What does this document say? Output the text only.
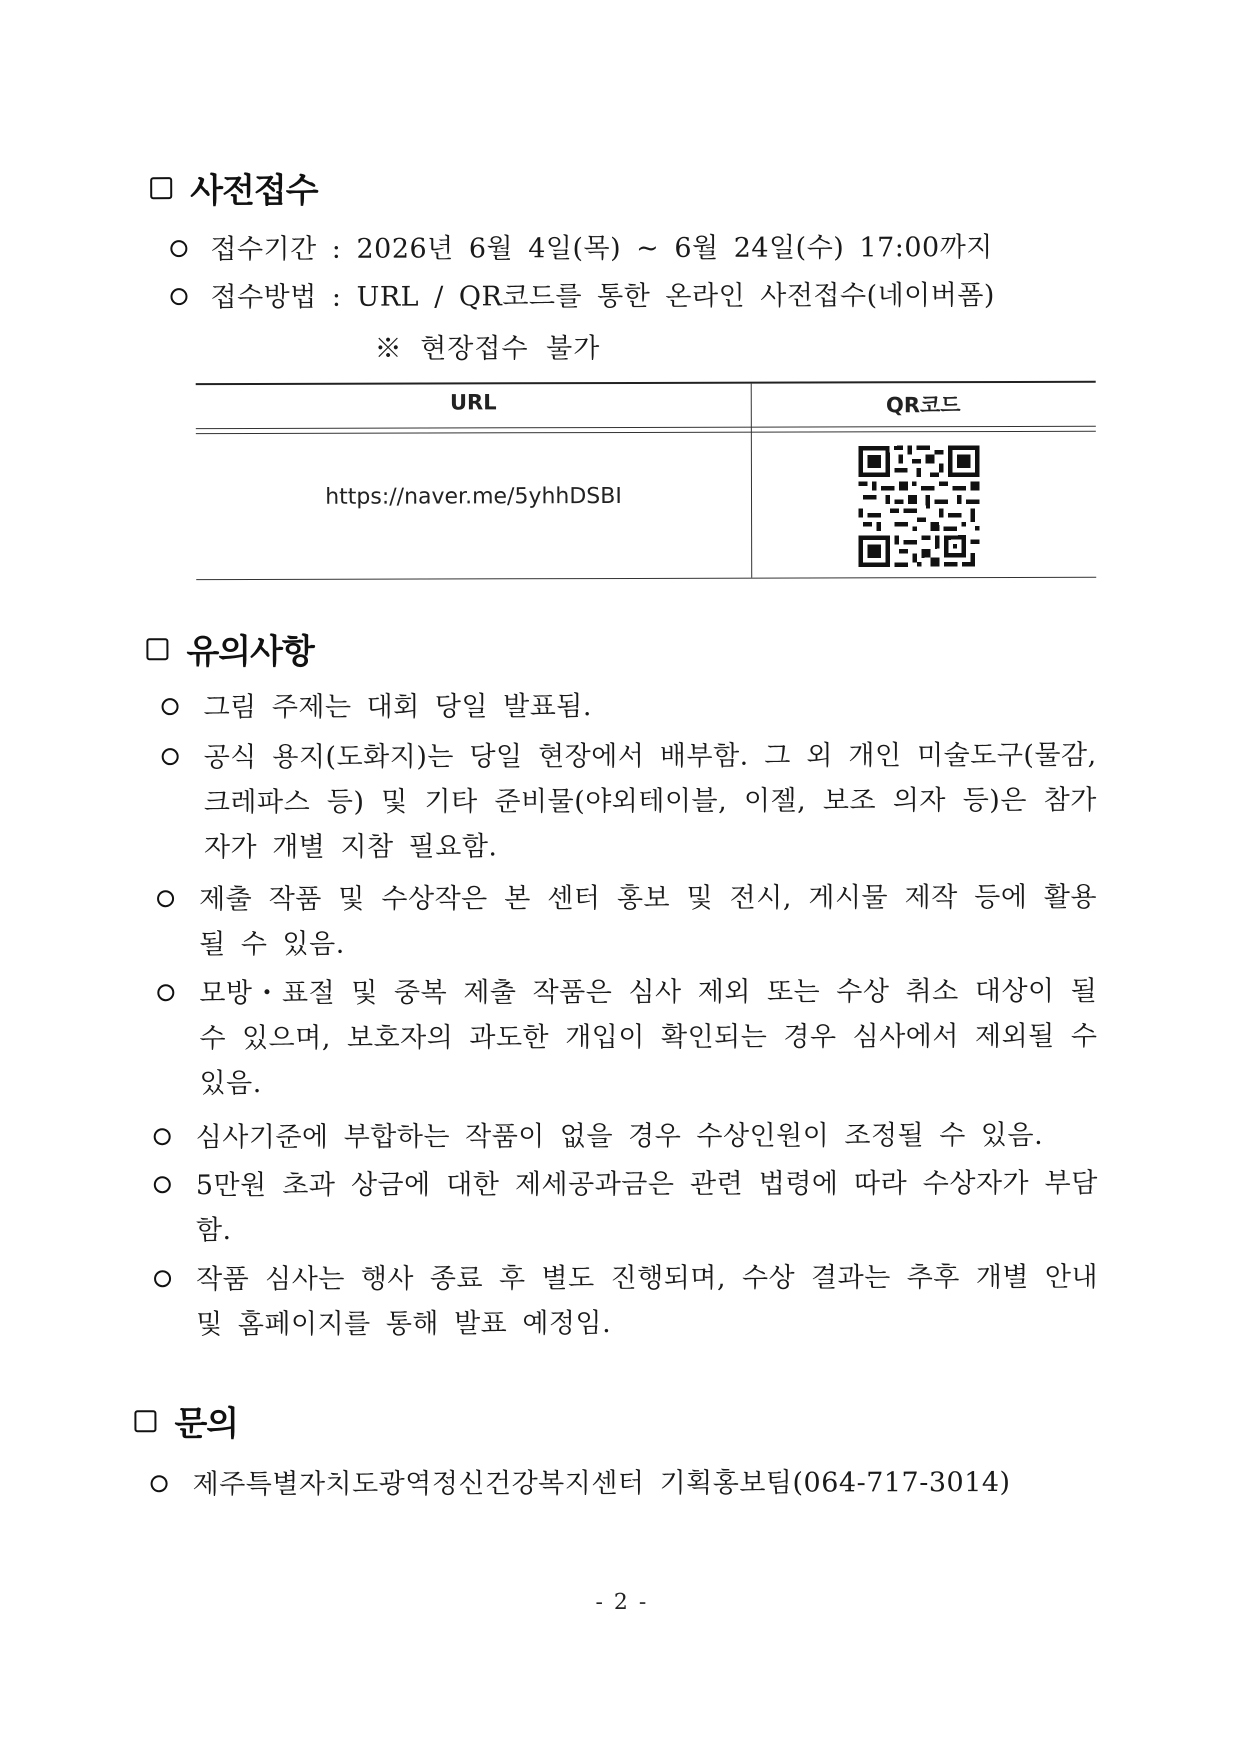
사전접수
접수기간 : 2026년 6월 4일(목) ~ 6월 24일(수) 17:00까지
접수방법 : URL / QR코드를 통한 온라인 사전접수(네이버폼)
※ 현장접수 불가
URL	QR코드
https://naver.me/5yhhDSBI
유의사항
그림 주제는 대회 당일 발표됨.
공식 용지(도화지)는 당일 현장에서 배부함. 그 외 개인 미술도구(물감, 크레파스 등) 및 기타 준비물(야외테이블, 이젤, 보조 의자 등)은 참가자가 개별 지참 필요함.
제출 작품 및 수상작은 본 센터 홍보 및 전시, 게시물 제작 등에 활용될 수 있음.
모방・표절 및 중복 제출 작품은 심사 제외 또는 수상 취소 대상이 될 수 있으며, 보호자의 과도한 개입이 확인되는 경우 심사에서 제외될 수 있음.
심사기준에 부합하는 작품이 없을 경우 수상인원이 조정될 수 있음.
5만원 초과 상금에 대한 제세공과금은 관련 법령에 따라 수상자가 부담함.
작품 심사는 행사 종료 후 별도 진행되며, 수상 결과는 추후 개별 안내 및 홈페이지를 통해 발표 예정임.
문의
제주특별자치도광역정신건강복지센터 기획홍보팀(064-717-3014)
- 2 -
